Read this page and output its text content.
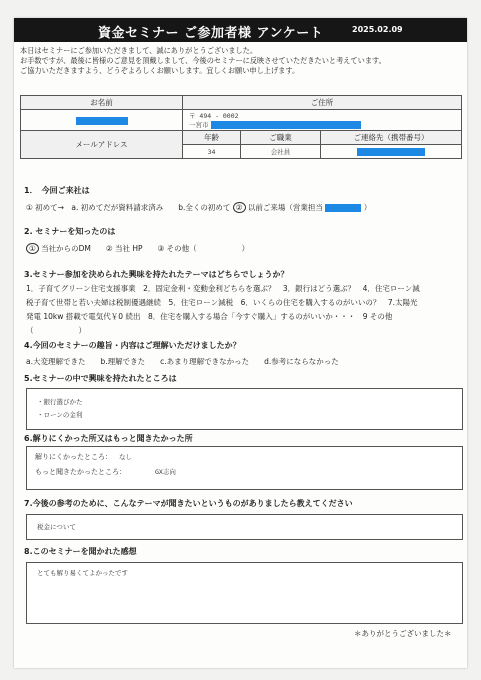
資金セミナー ご参加者様 アンケート	2025.02.09
本日はセミナーにご参加いただきまして、誠にありがとうございました。
お手数ですが、最後に皆様のご意見を頂戴しまして、今後のセミナーに反映させていただきたいと考えています。
ご協力いただきますよう、どうぞよろしくお願いします。宜しくお願い申し上げます。
お名前	ご住所		
	〒 494 - 0002
一宮市		
メールアドレス	年齢	ご職業	ご連絡先（携帯番号）
	34	会社員	
1．　今回ご来社は
① 初めて→　a. 初めてだが資料請求済み　　b.全くの初めて ② 以前ご来場（営業担当	）
2. セミナーを知ったのは
① 当社からのDM　　② 当社 HP　　③ その他（　　　　　　）
3.セミナー参加を決められた興味を持たれたテーマはどちらでしょうか？
1．子育てグリーン住宅支援事業　2．固定金利・変動金利どちらを選ぶ？　3．銀行はどう選ぶ？　4．住宅ローン減
税子育て世帯と若い夫婦は税制優遇継続　5．住宅ローン減税　6．いくらの住宅を購入するのがいいの？　7.太陽光
発電 10kw 搭載で電気代￥0 続出　8．住宅を購入する場合「今すぐ購入」するのがいいか・・・　9 その他
（　　　　　　）
4.今回のセミナーの趣旨・内容はご理解いただけましたか？
a.大変理解できた　　b.理解できた　　c.あまり理解できなかった　　d.参考にならなかった
5.セミナーの中で興味を持たれたところは
・銀行選びかた
・ローンの金利
6.解りにくかった所又はもっと聞きたかった所
解りにくかったところ： なし
もっと聞きたかったところ：	GX志向
7.今後の参考のために、こんなテーマが聞きたいというものがありましたら教えてください
税金について
8.このセミナーを聞かれた感想
とても解り易くてよかったです
＊ありがとうございました＊
